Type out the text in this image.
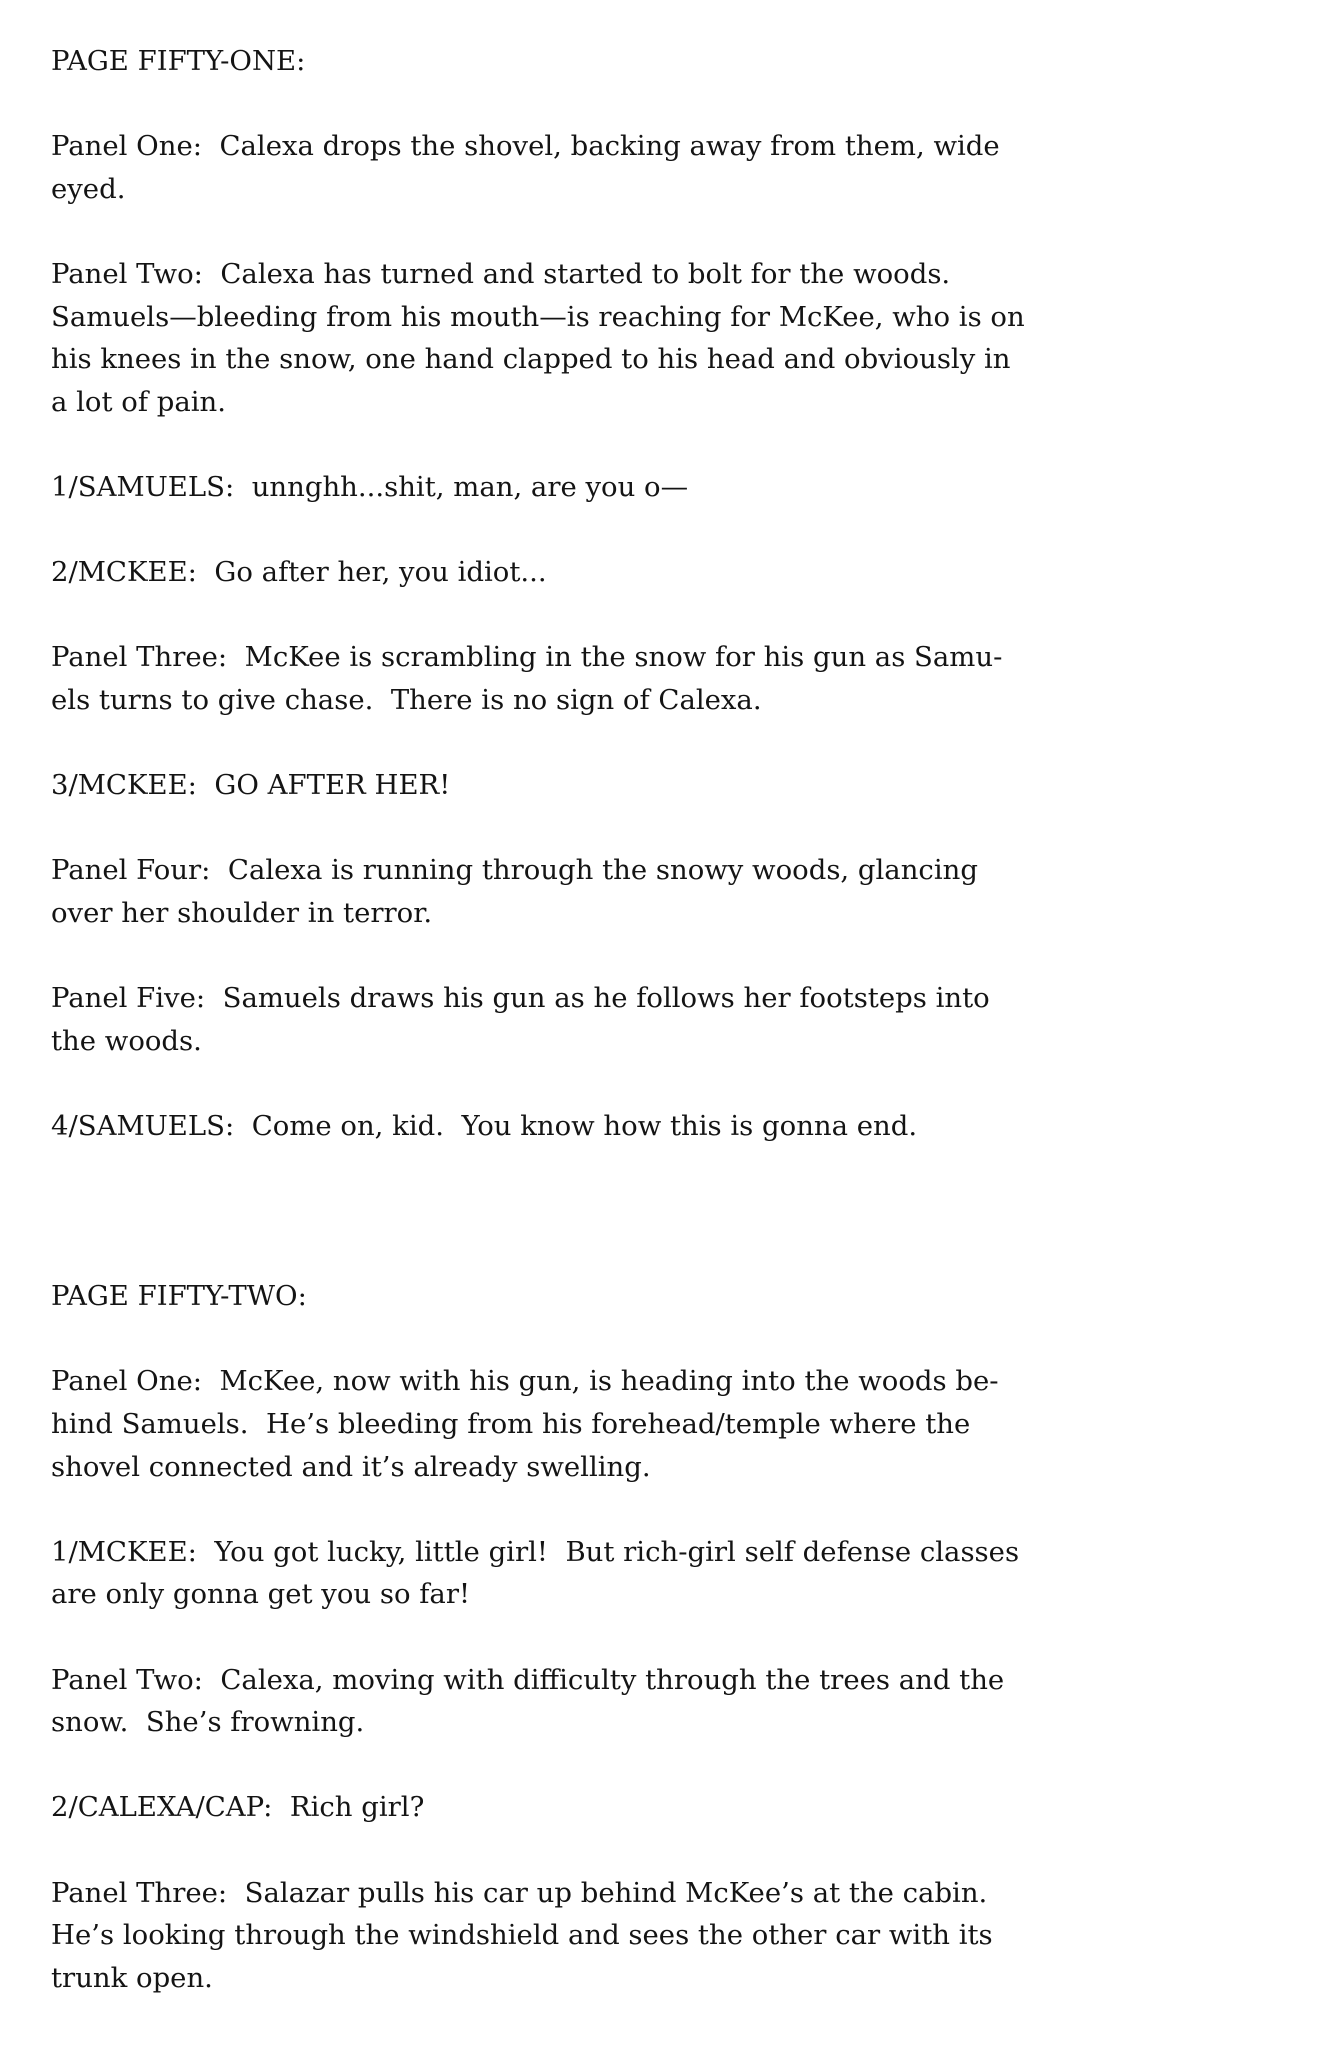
PAGE FIFTY-ONE:
Panel One:  Calexa drops the shovel, backing away from them, wide
eyed.
Panel Two:  Calexa has turned and started to bolt for the woods.
Samuels—bleeding from his mouth—is reaching for McKee, who is on
his knees in the snow, one hand clapped to his head and obviously in
a lot of pain.
1/SAMUELS:  unnghh...shit, man, are you o—
2/MCKEE:  Go after her, you idiot...
Panel Three:  McKee is scrambling in the snow for his gun as Samu-
els turns to give chase.  There is no sign of Calexa.
3/MCKEE:  GO AFTER HER!
Panel Four:  Calexa is running through the snowy woods, glancing
over her shoulder in terror.
Panel Five:  Samuels draws his gun as he follows her footsteps into
the woods.
4/SAMUELS:  Come on, kid.  You know how this is gonna end.
PAGE FIFTY-TWO:
Panel One:  McKee, now with his gun, is heading into the woods be-
hind Samuels.  He’s bleeding from his forehead/temple where the
shovel connected and it’s already swelling.
1/MCKEE:  You got lucky, little girl!  But rich-girl self defense classes
are only gonna get you so far!
Panel Two:  Calexa, moving with difficulty through the trees and the
snow.  She’s frowning.
2/CALEXA/CAP:  Rich girl?
Panel Three:  Salazar pulls his car up behind McKee’s at the cabin.
He’s looking through the windshield and sees the other car with its
trunk open.
